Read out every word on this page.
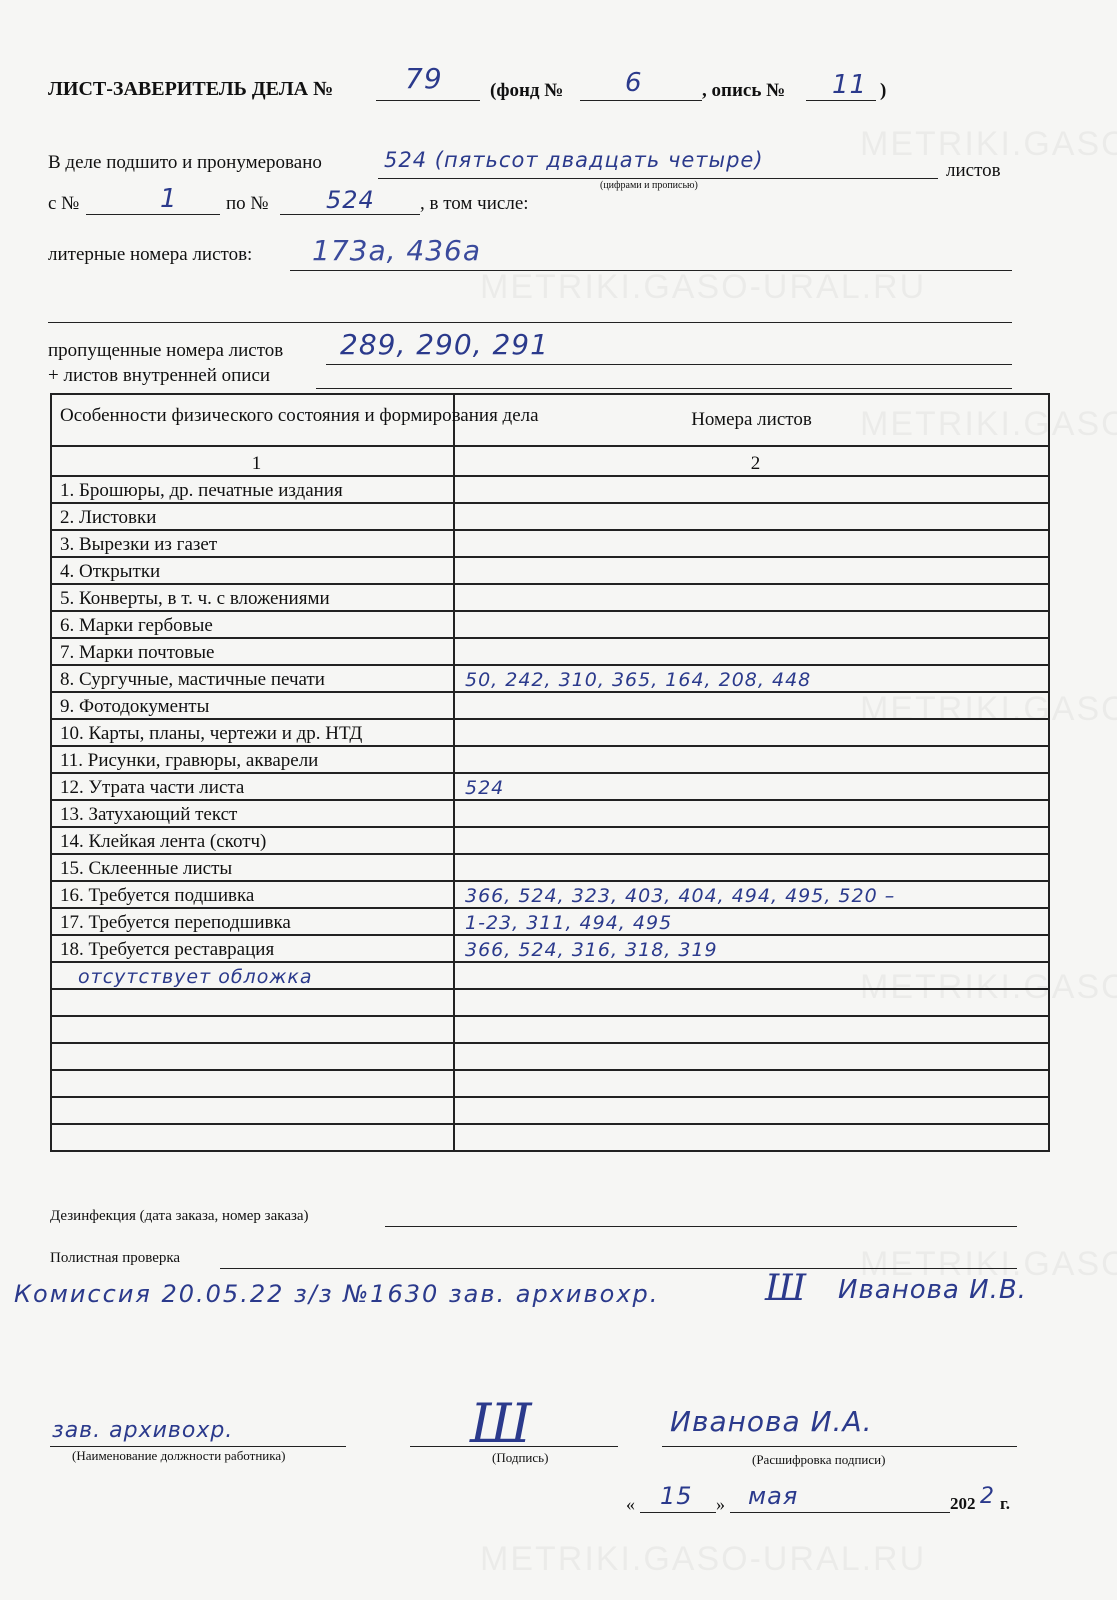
ЛИСТ-ЗАВЕРИТЕЛЬ ДЕЛА №	79 (фонд № 6	, опись № 11 )
В деле подшито и пронумеровано	524 (пятьсот двадцать четыре)
(цифрами и прописью)
листов
с №	1	по № 524 , в том числе:
литерные номера листов: 173а, 436а
пропущенные номера листов 289, 290, 291
+ листов внутренней описи
Особенности физического состояния и формирования дела	Номера листов
1	2
1. Брошюры, др. печатные издания	
2. Листовки	
3. Вырезки из газет	
4. Открытки	
5. Конверты, в т. ч. с вложениями	
6. Марки гербовые	
7. Марки почтовые	
8. Сургучные, мастичные печати	50, 242, 310, 365, 164, 208, 448
9. Фотодокументы	
10. Карты, планы, чертежи и др. НТД	
11. Рисунки, гравюры, акварели	
12. Утрата части листа	524
13. Затухающий текст	
14. Клейкая лента (скотч)	
15. Склеенные листы	
16. Требуется подшивка	366, 524, 323, 403, 404, 494, 495, 520 –
17. Требуется переподшивка	1-23, 311, 494, 495
18. Требуется реставрация	366, 524, 316, 318, 319
отсутствует обложка	

Дезинфекция (дата заказа, номер заказа)
Полистная проверка
Комиссия 20.05.22 з/з №1630 зав. архивохр.	Ш Иванова И.В.
зав. архивохр.
(Наименование должности работника)
Ш
(Подпись)
Иванова И.А.
(Расшифровка подписи)
« 15 » мая	202 2 г.
